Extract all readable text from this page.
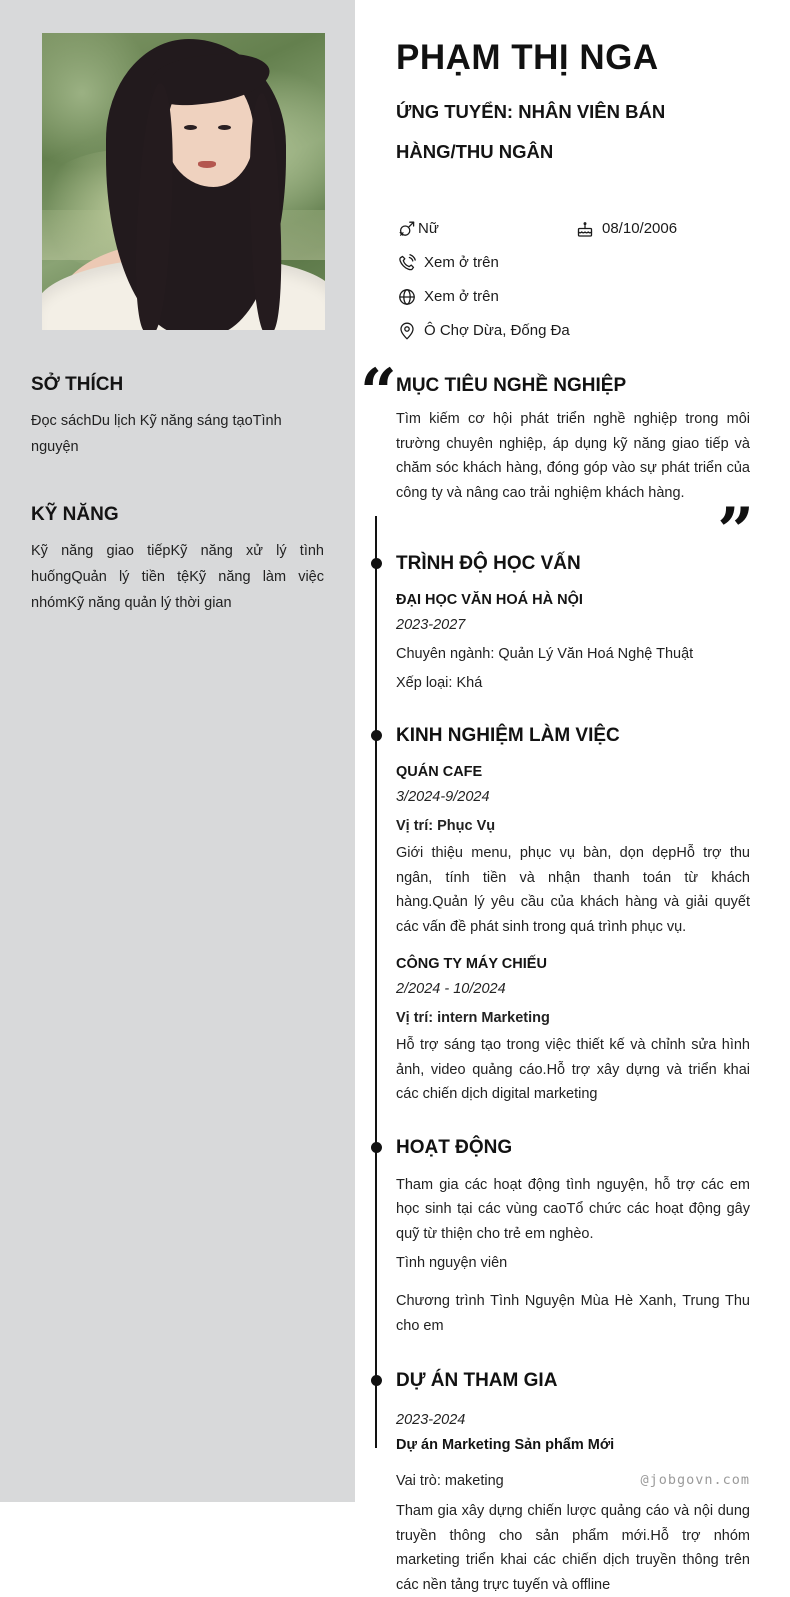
SỞ THÍCH
Đọc sáchDu lịch Kỹ năng sáng tạoTình nguyện
KỸ NĂNG
Kỹ năng giao tiếpKỹ năng xử lý tình huốngQuản lý tiền tệKỹ năng làm việc nhómKỹ năng quản lý thời gian
PHẠM THỊ NGA
ỨNG TUYỂN: NHÂN VIÊN BÁN HÀNG/THU NGÂN
Nữ	08/10/2006
Xem ở trên
Xem ở trên
Ô Chợ Dừa, Đống Đa
“ MỤC TIÊU NGHỀ NGHIỆP
Tìm kiếm cơ hội phát triển nghề nghiệp trong môi trường chuyên nghiệp, áp dụng kỹ năng giao tiếp và chăm sóc khách hàng, đóng góp vào sự phát triển của công ty và nâng cao trải nghiệm khách hàng.
”
TRÌNH ĐỘ HỌC VẤN
ĐẠI HỌC VĂN HOÁ HÀ NỘI
2023-2027
Chuyên ngành: Quản Lý Văn Hoá Nghệ Thuật
Xếp loại: Khá
KINH NGHIỆM LÀM VIỆC
QUÁN CAFE
3/2024-9/2024
Vị trí: Phục Vụ
Giới thiệu menu, phục vụ bàn, dọn dẹpHỗ trợ thu ngân, tính tiền và nhận thanh toán từ khách hàng.Quản lý yêu cầu của khách hàng và giải quyết các vấn đề phát sinh trong quá trình phục vụ.
CÔNG TY MÁY CHIẾU
2/2024 - 10/2024
Vị trí: intern Marketing
Hỗ trợ sáng tạo trong việc thiết kế và chỉnh sửa hình ảnh, video quảng cáo.Hỗ trợ xây dựng và triển khai các chiến dịch digital marketing
HOẠT ĐỘNG
Tham gia các hoạt động tình nguyện, hỗ trợ các em học sinh tại các vùng caoTổ chức các hoạt động gây quỹ từ thiện cho trẻ em nghèo.
Tình nguyện viên
Chương trình Tình Nguyện Mùa Hè Xanh, Trung Thu cho em
DỰ ÁN THAM GIA
2023-2024
Dự án Marketing Sản phẩm Mới
Vai trò: maketing
Tham gia xây dựng chiến lược quảng cáo và nội dung truyền thông cho sản phẩm mới.Hỗ trợ nhóm marketing triển khai các chiến dịch truyền thông trên các nền tảng trực tuyến và offline
@jobgovn.com
